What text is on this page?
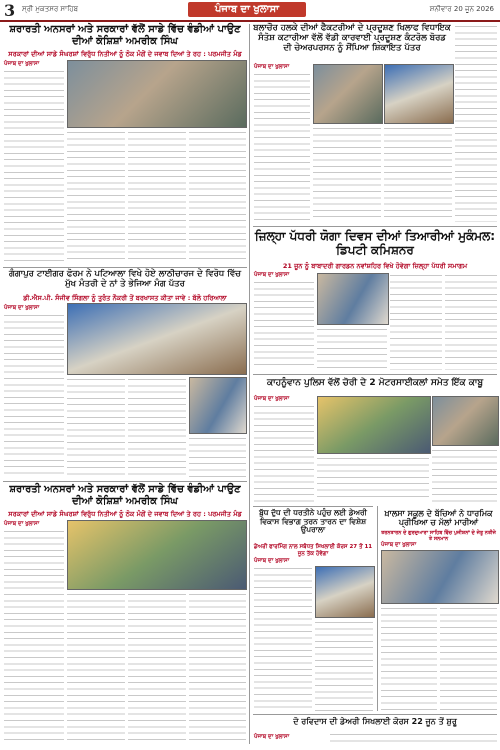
3 ਸ੍ਰੀ ਮੁਕਤਸਰ ਸਾਹਿਬ	ਪੰਜਾਬ ਦਾ ਖੁਲਾਸਾ	ਸ਼ਨੀਵਾਰ 20 ਜੂਨ 2026
ਸ਼ਰਾਰਤੀ ਅਨਸਰਾਂ ਅਤੇ ਸਰਕਾਰਾਂ ਵੱਲੋਂ ਸਾਡੇ ਵਿੱਚ ਵੰਡੀਆਂ ਪਾਉਣ ਦੀਆਂ ਕੋਸ਼ਿਸ਼ਾਂ ਅਮਰੀਕ ਸਿੰਘ
ਸਰਕਾਰਾਂ ਦੀਆਂ ਸਾਡੇ ਸੰਘਰਸ਼ਾਂ ਵਿਰੁੱਧ ਨਿਤੀਆਂ ਨੂੰ ਠੋਕ ਮੰਗੋਂ ਦੇ ਜਵਾਬ ਦਿਆਂ ਤੇ ਰਹ : ਪਰਮਜੀਤ ਮੰਡ
ਪੰਜਾਬ ਦਾ ਖੁਲਾਸਾ
ਗੰਗਾਪੁਰ ਟਾਈਗਰ ਫੋਰਮ ਨੇ ਪਟਿਆਲਾ ਵਿਖੇ ਹੋਏ ਲਾਠੀਚਾਰਜ ਦੇ ਵਿਰੋਧ ਵਿੱਚ ਮੁੱਖ ਮੰਤਰੀ ਦੇ ਨਾਂ ਤੇ ਭੇਜਿਆ ਮੰਗ ਪੱਤਰ
ਡੀ.ਐਸ.ਪੀ. ਸੰਜੀਵ ਸਿੰਗਲਾ ਨੂੰ ਤੁਰੰਤ ਨੌਕਰੀ ਤੋਂ ਬਰਖਾਸਤ ਕੀਤਾ ਜਾਵੇ : ਬੱਲੋ ਹਰਿਆਲਾ
ਪੰਜਾਬ ਦਾ ਖੁਲਾਸਾ
ਸ਼ਰਾਰਤੀ ਅਨਸਰਾਂ ਅਤੇ ਸਰਕਾਰਾਂ ਵੱਲੋਂ ਸਾਡੇ ਵਿੱਚ ਵੰਡੀਆਂ ਪਾਉਣ ਦੀਆਂ ਕੋਸ਼ਿਸ਼ਾਂ ਅਮਰੀਕ ਸਿੰਘ
ਸਰਕਾਰਾਂ ਦੀਆਂ ਸਾਡੇ ਸੰਘਰਸ਼ਾਂ ਵਿਰੁੱਧ ਨਿਤੀਆਂ ਨੂੰ ਠੋਕ ਮੰਗੋਂ ਦੇ ਜਵਾਬ ਦਿਆਂ ਤੇ ਰਹ : ਪਰਮਜੀਤ ਮੰਡ
ਪੰਜਾਬ ਦਾ ਖੁਲਾਸਾ
ਬਲਾਚੌਰ ਹਲਕੇ ਦੀਆਂ ਫੈਕਟਰੀਆਂ ਦੇ ਪ੍ਰਦੂਸ਼ਣ ਖਿਲਾਫ ਵਿਧਾਇਕ ਸੰਤੋਸ਼ ਕਟਾਰੀਆ ਵੱਲੋਂ ਵੱਡੀ ਕਾਰਵਾਈ ਪ੍ਰਦੂਸ਼ਣ ਕੰਟਰੋਲ ਬੋਰਡ ਦੀ ਚੇਅਰਪਰਸਨ ਨੂੰ ਸੌਂਪਿਆ ਸ਼ਿਕਾਇਤ ਪੱਤਰ
ਪੰਜਾਬ ਦਾ ਖੁਲਾਸਾ
ਜ਼ਿਲ੍ਹਾ ਪੱਧਰੀ ਯੋਗਾ ਦਿਵਸ ਦੀਆਂ ਤਿਆਰੀਆਂ ਮੁਕੰਮਲ: ਡਿਪਟੀ ਕਮਿਸ਼ਨਰ
21 ਜੂਨ ਨੂੰ ਬਾਬਾਦਰੀ ਗਾਰਡਨ ਨਵਾਂਸ਼ਹਿਰ ਵਿਖੇ ਹੋਵੇਗਾ ਜ਼ਿਲ੍ਹਾ ਪੱਧਰੀ ਸਮਾਗਮ
ਪੰਜਾਬ ਦਾ ਖੁਲਾਸਾ
ਕਾਹਨੂੰਵਾਨ ਪੁਲਿਸ ਵੱਲੋਂ ਚੋਰੀ ਦੇ 2 ਮੋਟਰਸਾਈਕਲਾਂ ਸਮੇਤ ਇੱਕ ਕਾਬੂ
ਪੰਜਾਬ ਦਾ ਖੁਲਾਸਾ
ਬੁੱਧ ਦੁੱਧ ਦੀ ਧਰਤੀਨੇ ਪਹੁੰਚ ਲਈ ਡੇਅਰੀ ਵਿਕਾਸ ਵਿਭਾਗ ਤਰਨ ਤਾਰਨ ਦਾ ਵਿਸ਼ੇਸ਼ ਉਪਰਾਲਾ
ਡੇਅਰੀ ਫਾਰਮਿੰਗ ਨਾਲ ਸਬੰਧਤ ਸਿਖਲਾਈ ਕੋਰਸ 27 ਤੋਂ 11 ਜੂਨ ਤੱਕ ਹੋਵੇਗਾ
ਪੰਜਾਬ ਦਾ ਖੁਲਾਸਾ
ਖ਼ਾਲਸਾ ਸਕੂਲ ਦੇ ਬੱਚਿਆਂ ਨੇ ਧਾਰਮਿਕ ਪ੍ਰੀਖਿਆ ਚ ਮੱਲਾਂ ਮਾਰੀਆਂ
ਤਰਨਤਾਰਨ ਦੇ ਗੁਰਦੁਆਰਾ ਸਾਹਿਬ ਵਿੱਚ ਪੁਜੀਸ਼ਨਾਂ ਦੇ ਜੇਤੂ ਨਤੀਜੇ ਤੇ ਸਨਮਾਨ
ਪੰਜਾਬ ਦਾ ਖੁਲਾਸਾ
ਦੋ ਰਵਿਦਾਸ ਦੀ ਡੇਅਰੀ ਸਿਖਲਾਈ ਕੋਰਸ 22 ਜੂਨ ਤੋਂ ਸ਼ੁਰੂ
ਪੰਜਾਬ ਦਾ ਖੁਲਾਸਾ
